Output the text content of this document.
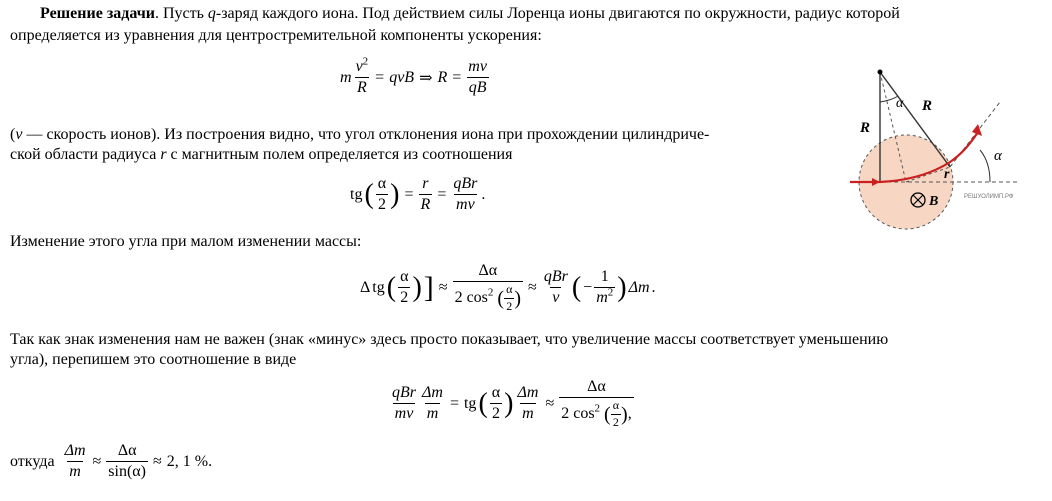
Решение задачи. Пусть q-заряд каждого иона. Под действием силы Лоренца ионы двигаются по окружности, радиус которой
определяется из уравнения для центростремительной компоненты ускорения:
m $\frac{v^2}{R}$ = qvB ⇒ $R = \frac{mv}{qB}$
(v — скорость ионов). Из построения видно, что угол отклонения иона при прохождении цилиндриче-
ской области радиуса r с магнитным полем определяется из соотношения
tg ( $\frac{\alpha}{2}$ ) = $\frac{r}{R} = \frac{\text{qBr}}{mv}$ .
Изменение этого угла при малом изменении массы:
Δ tg ( $\frac{\alpha}{2}$ ) ] ≈ $\frac{\Delta\alpha}{2 \cos^2 ( \frac{\alpha}{2} )} \approx \frac{\text{qBr}}{v}$ ( − $\frac{1}{m^2}$ ) Δm .
Так как знак изменения нам не важен (знак «минус» здесь просто показывает, что увеличение массы соответствует уменьшению
угла), перепишем это соотношение в виде
$\frac{\text{qBr}}{mv} \frac{\Delta m}{m}$ = tg ( $\frac{\alpha}{2}$ ) $\frac{\Delta m}{m} \approx \frac{\Delta\alpha}{2 \cos^2 ( \frac{\alpha}{2} ),}$
откуда $\frac{\Delta m}{m} \approx \frac{\Delta\alpha}{\sin(\alpha)} \approx 2$, 1 %.
α R
R
r
α
B	РЕШУОЛИМП.РФ
